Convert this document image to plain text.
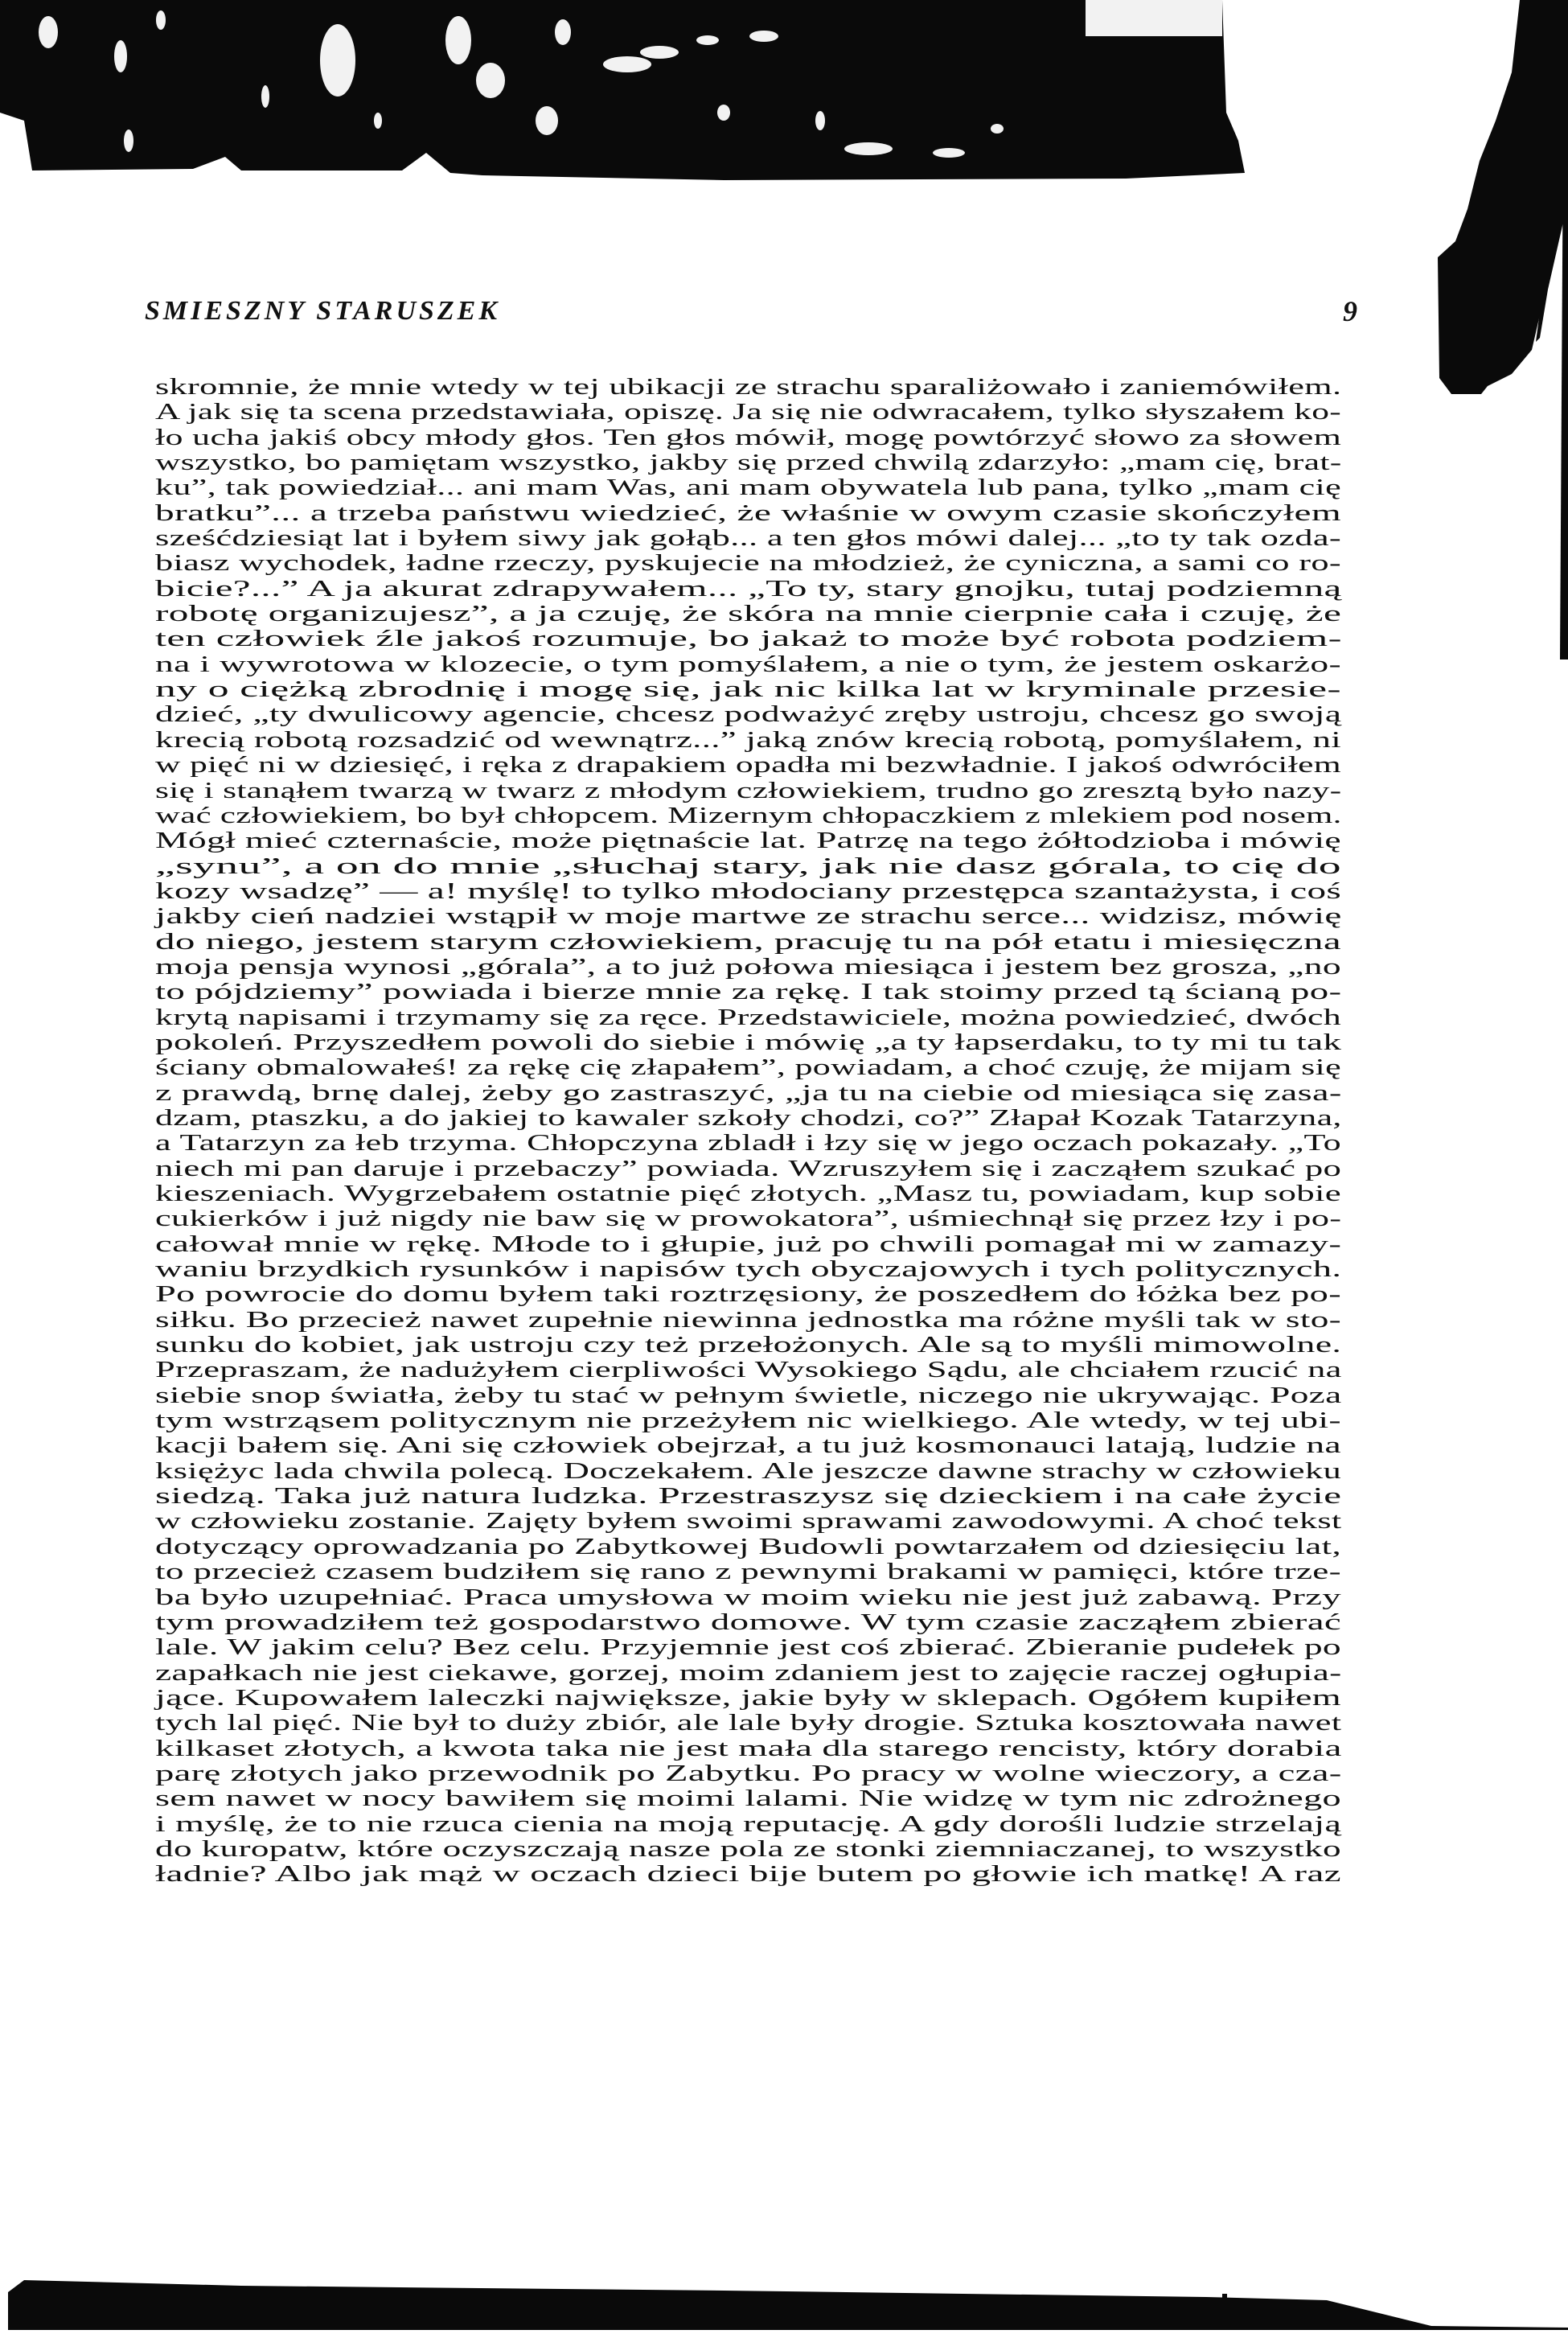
SMIESZNY STARUSZEK	9
skromnie, że mnie wtedy w tej ubikacji ze strachu sparaliżowało i zaniemówiłem.
A jak się ta scena przedstawiała, opiszę. Ja się nie odwracałem, tylko słyszałem ko-
ło ucha jakiś obcy młody głos. Ten głos mówił, mogę powtórzyć słowo za słowem
wszystko, bo pamiętam wszystko, jakby się przed chwilą zdarzyło: „mam cię, brat-
ku”, tak powiedział... ani mam Was, ani mam obywatela lub pana, tylko „mam cię
bratku”... a trzeba państwu wiedzieć, że właśnie w owym czasie skończyłem
sześćdziesiąt lat i byłem siwy jak gołąb... a ten głos mówi dalej... „to ty tak ozda-
biasz wychodek, ładne rzeczy, pyskujecie na młodzież, że cyniczna, a sami co ro-
bicie?...” A ja akurat zdrapywałem... „To ty, stary gnojku, tutaj podziemną
robotę organizujesz”, a ja czuję, że skóra na mnie cierpnie cała i czuję, że
ten człowiek źle jakoś rozumuje, bo jakaż to może być robota podziem-
na i wywrotowa w klozecie, o tym pomyślałem, a nie o tym, że jestem oskarżo-
ny o ciężką zbrodnię i mogę się, jak nic kilka lat w kryminale przesie-
dzieć, „ty dwulicowy agencie, chcesz podważyć zręby ustroju, chcesz go swoją
krecią robotą rozsadzić od wewnątrz...” jaką znów krecią robotą, pomyślałem, ni
w pięć ni w dziesięć, i ręka z drapakiem opadła mi bezwładnie. I jakoś odwróciłem
się i stanąłem twarzą w twarz z młodym człowiekiem, trudno go zresztą było nazy-
wać człowiekiem, bo był chłopcem. Mizernym chłopaczkiem z mlekiem pod nosem.
Mógł mieć czternaście, może piętnaście lat. Patrzę na tego żółtodzioba i mówię
„synu”, a on do mnie „słuchaj stary, jak nie dasz górala, to cię do
kozy wsadzę” — a! myślę! to tylko młodociany przestępca szantażysta, i coś
jakby cień nadziei wstąpił w moje martwe ze strachu serce... widzisz, mówię
do niego, jestem starym człowiekiem, pracuję tu na pół etatu i miesięczna
moja pensja wynosi „górala”, a to już połowa miesiąca i jestem bez grosza, „no
to pójdziemy” powiada i bierze mnie za rękę. I tak stoimy przed tą ścianą po-
krytą napisami i trzymamy się za ręce. Przedstawiciele, można powiedzieć, dwóch
pokoleń. Przyszedłem powoli do siebie i mówię „a ty łapserdaku, to ty mi tu tak
ściany obmalowałeś! za rękę cię złapałem”, powiadam, a choć czuję, że mijam się
z prawdą, brnę dalej, żeby go zastraszyć, „ja tu na ciebie od miesiąca się zasa-
dzam, ptaszku, a do jakiej to kawaler szkoły chodzi, co?” Złapał Kozak Tatarzyna,
a Tatarzyn za łeb trzyma. Chłopczyna zbladł i łzy się w jego oczach pokazały. „To
niech mi pan daruje i przebaczy” powiada. Wzruszyłem się i zacząłem szukać po
kieszeniach. Wygrzebałem ostatnie pięć złotych. „Masz tu, powiadam, kup sobie
cukierków i już nigdy nie baw się w prowokatora”, uśmiechnął się przez łzy i po-
całował mnie w rękę. Młode to i głupie, już po chwili pomagał mi w zamazy-
waniu brzydkich rysunków i napisów tych obyczajowych i tych politycznych.
Po powrocie do domu byłem taki roztrzęsiony, że poszedłem do łóżka bez po-
siłku. Bo przecież nawet zupełnie niewinna jednostka ma różne myśli tak w sto-
sunku do kobiet, jak ustroju czy też przełożonych. Ale są to myśli mimowolne.
Przepraszam, że nadużyłem cierpliwości Wysokiego Sądu, ale chciałem rzucić na
siebie snop światła, żeby tu stać w pełnym świetle, niczego nie ukrywając. Poza
tym wstrząsem politycznym nie przeżyłem nic wielkiego. Ale wtedy, w tej ubi-
kacji bałem się. Ani się człowiek obejrzał, a tu już kosmonauci latają, ludzie na
księżyc lada chwila polecą. Doczekałem. Ale jeszcze dawne strachy w człowieku
siedzą. Taka już natura ludzka. Przestraszysz się dzieckiem i na całe życie
w człowieku zostanie. Zajęty byłem swoimi sprawami zawodowymi. A choć tekst
dotyczący oprowadzania po Zabytkowej Budowli powtarzałem od dziesięciu lat,
to przecież czasem budziłem się rano z pewnymi brakami w pamięci, które trze-
ba było uzupełniać. Praca umysłowa w moim wieku nie jest już zabawą. Przy
tym prowadziłem też gospodarstwo domowe. W tym czasie zacząłem zbierać
lale. W jakim celu? Bez celu. Przyjemnie jest coś zbierać. Zbieranie pudełek po
zapałkach nie jest ciekawe, gorzej, moim zdaniem jest to zajęcie raczej ogłupia-
jące. Kupowałem laleczki największe, jakie były w sklepach. Ogółem kupiłem
tych lal pięć. Nie był to duży zbiór, ale lale były drogie. Sztuka kosztowała nawet
kilkaset złotych, a kwota taka nie jest mała dla starego rencisty, który dorabia
parę złotych jako przewodnik po Zabytku. Po pracy w wolne wieczory, a cza-
sem nawet w nocy bawiłem się moimi lalami. Nie widzę w tym nic zdrożnego
i myślę, że to nie rzuca cienia na moją reputację. A gdy dorośli ludzie strzelają
do kuropatw, które oczyszczają nasze pola ze stonki ziemniaczanej, to wszystko
ładnie? Albo jak mąż w oczach dzieci bije butem po głowie ich matkę! A raz
